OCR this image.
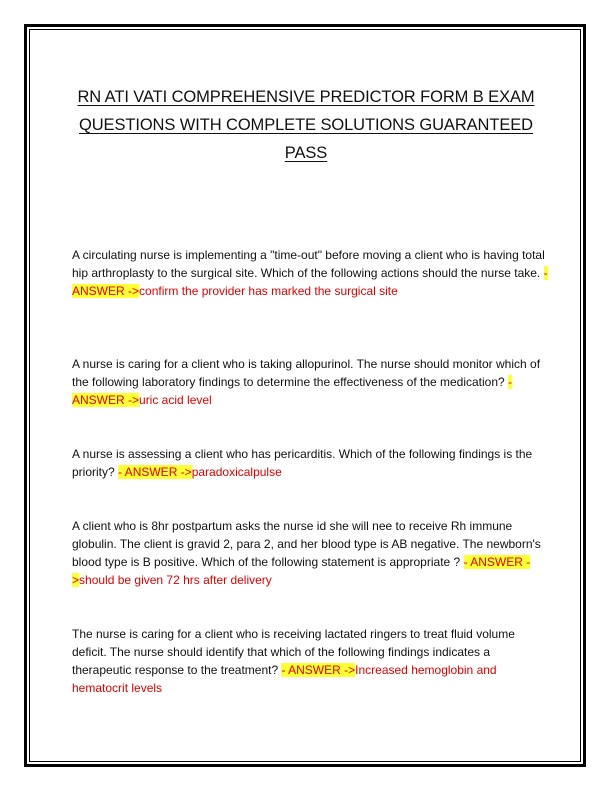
RN ATI VATI COMPREHENSIVE PREDICTOR FORM B EXAM QUESTIONS WITH COMPLETE SOLUTIONS GUARANTEED PASS
A circulating nurse is implementing a "time-out" before moving a client who is having total hip arthroplasty to the surgical site. Which of the following actions should the nurse take. - ANSWER ->confirm the provider has marked the surgical site
A nurse is caring for a client who is taking allopurinol. The nurse should monitor which of the following laboratory findings to determine the effectiveness of the medication? - ANSWER ->uric acid level
A nurse is assessing a client who has pericarditis. Which of the following findings is the priority? - ANSWER ->paradoxicalpulse
A client who is 8hr postpartum asks the nurse id she will nee to receive Rh immune globulin. The client is gravid 2, para 2, and her blood type is AB negative. The newborn's blood type is B positive. Which of the following statement is appropriate ? - ANSWER ->should be given 72 hrs after delivery
The nurse is caring for a client who is receiving lactated ringers to treat fluid volume deficit. The nurse should identify that which of the following findings indicates a therapeutic response to the treatment? - ANSWER ->Increased hemoglobin and hematocrit levels
